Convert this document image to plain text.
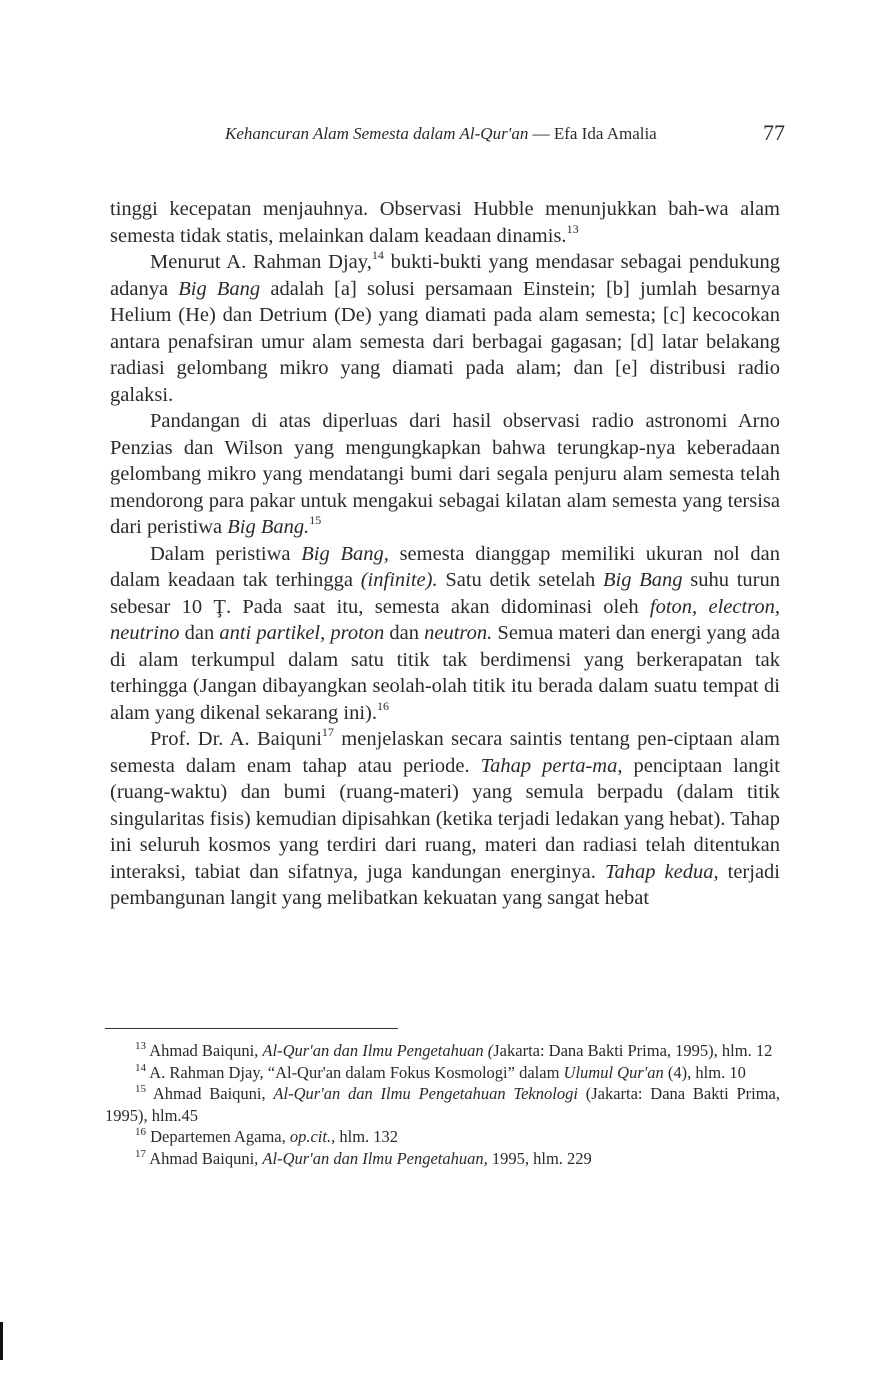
Kehancuran Alam Semesta dalam Al-Qur'an — Efa Ida Amalia	77

tinggi kecepatan menjauhnya. Observasi Hubble menunjukkan bah-wa alam semesta tidak statis, melainkan dalam keadaan dinamis.$^{13}$

Menurut A. Rahman Djay,$^{14}$ bukti-bukti yang mendasar sebagai pendukung adanya Big Bang adalah [a] solusi persamaan Einstein; [b] jumlah besarnya Helium (He) dan Detrium (De) yang diamati pada alam semesta; [c] kecocokan antara penafsiran umur alam semesta dari berbagai gagasan; [d] latar belakang radiasi gelombang mikro yang diamati pada alam; dan [e] distribusi radio galaksi.

Pandangan di atas diperluas dari hasil observasi radio astronomi Arno Penzias dan Wilson yang mengungkapkan bahwa terungkap-nya keberadaan gelombang mikro yang mendatangi bumi dari segala penjuru alam semesta telah mendorong para pakar untuk mengakui sebagai kilatan alam semesta yang tersisa dari peristiwa Big Bang.$^{15}$

Dalam peristiwa Big Bang, semesta dianggap memiliki ukuran nol dan dalam keadaan tak terhingga (infinite). Satu detik setelah Big Bang suhu turun sebesar 10 Ţ. Pada saat itu, semesta akan didominasi oleh foton, electron, neutrino dan anti partikel, proton dan neutron. Semua materi dan energi yang ada di alam terkumpul dalam satu titik tak berdimensi yang berkerapatan tak terhingga (Jangan dibayangkan seolah-olah titik itu berada dalam suatu tempat di alam yang dikenal sekarang ini).$^{16}$

Prof. Dr. A. Baiquni$^{17}$ menjelaskan secara saintis tentang pen-ciptaan alam semesta dalam enam tahap atau periode. Tahap perta-ma, penciptaan langit (ruang-waktu) dan bumi (ruang-materi) yang semula berpadu (dalam titik singularitas fisis) kemudian dipisahkan (ketika terjadi ledakan yang hebat). Tahap ini seluruh kosmos yang terdiri dari ruang, materi dan radiasi telah ditentukan interaksi, tabiat dan sifatnya, juga kandungan energinya. Tahap kedua, terjadi pembangunan langit yang melibatkan kekuatan yang sangat hebat

$^{13}$ Ahmad Baiquni, Al-Qur'an dan Ilmu Pengetahuan (Jakarta: Dana Bakti Prima, 1995), hlm. 12

$^{14}$ A. Rahman Djay, “Al-Qur'an dalam Fokus Kosmologi” dalam Ulumul Qur'an (4), hlm. 10

$^{15}$ Ahmad Baiquni, Al-Qur'an dan Ilmu Pengetahuan Teknologi (Jakarta: Dana Bakti Prima, 1995), hlm.45

$^{16}$ Departemen Agama, op.cit., hlm. 132

$^{17}$ Ahmad Baiquni, Al-Qur'an dan Ilmu Pengetahuan, 1995, hlm. 229
